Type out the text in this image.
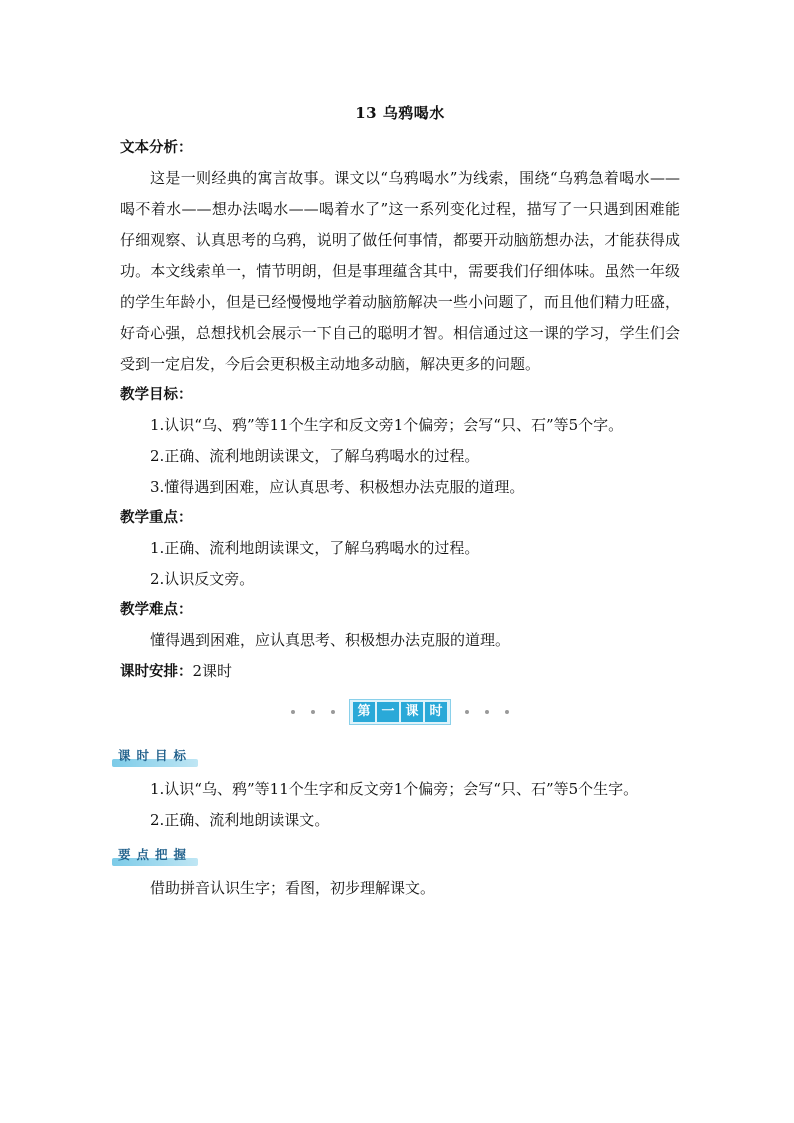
13 乌鸦喝水

文本分析：

这是一则经典的寓言故事。课文以“乌鸦喝水”为线索，围绕“乌鸦急着喝水——喝不着水——想办法喝水——喝着水了”这一系列变化过程，描写了一只遇到困难能仔细观察、认真思考的乌鸦，说明了做任何事情，都要开动脑筋想办法，才能获得成功。本文线索单一，情节明朗，但是事理蕴含其中，需要我们仔细体味。虽然一年级的学生年龄小，但是已经慢慢地学着动脑筋解决一些小问题了，而且他们精力旺盛，好奇心强，总想找机会展示一下自己的聪明才智。相信通过这一课的学习，学生们会受到一定启发，今后会更积极主动地多动脑，解决更多的问题。

教学目标：

1.认识“乌、鸦”等11个生字和反文旁1个偏旁；会写“只、石”等5个字。

2.正确、流利地朗读课文，了解乌鸦喝水的过程。

3.懂得遇到困难，应认真思考、积极想办法克服的道理。

教学重点：

1.正确、流利地朗读课文，了解乌鸦喝水的过程。

2.认识反文旁。

教学难点：

懂得遇到困难，应认真思考、积极想办法克服的道理。

课时安排：2课时

第 一 课 时
课时目标

1.认识“乌、鸦”等11个生字和反文旁1个偏旁；会写“只、石”等5个生字。

2.正确、流利地朗读课文。

要点把握

借助拼音认识生字；看图，初步理解课文。
